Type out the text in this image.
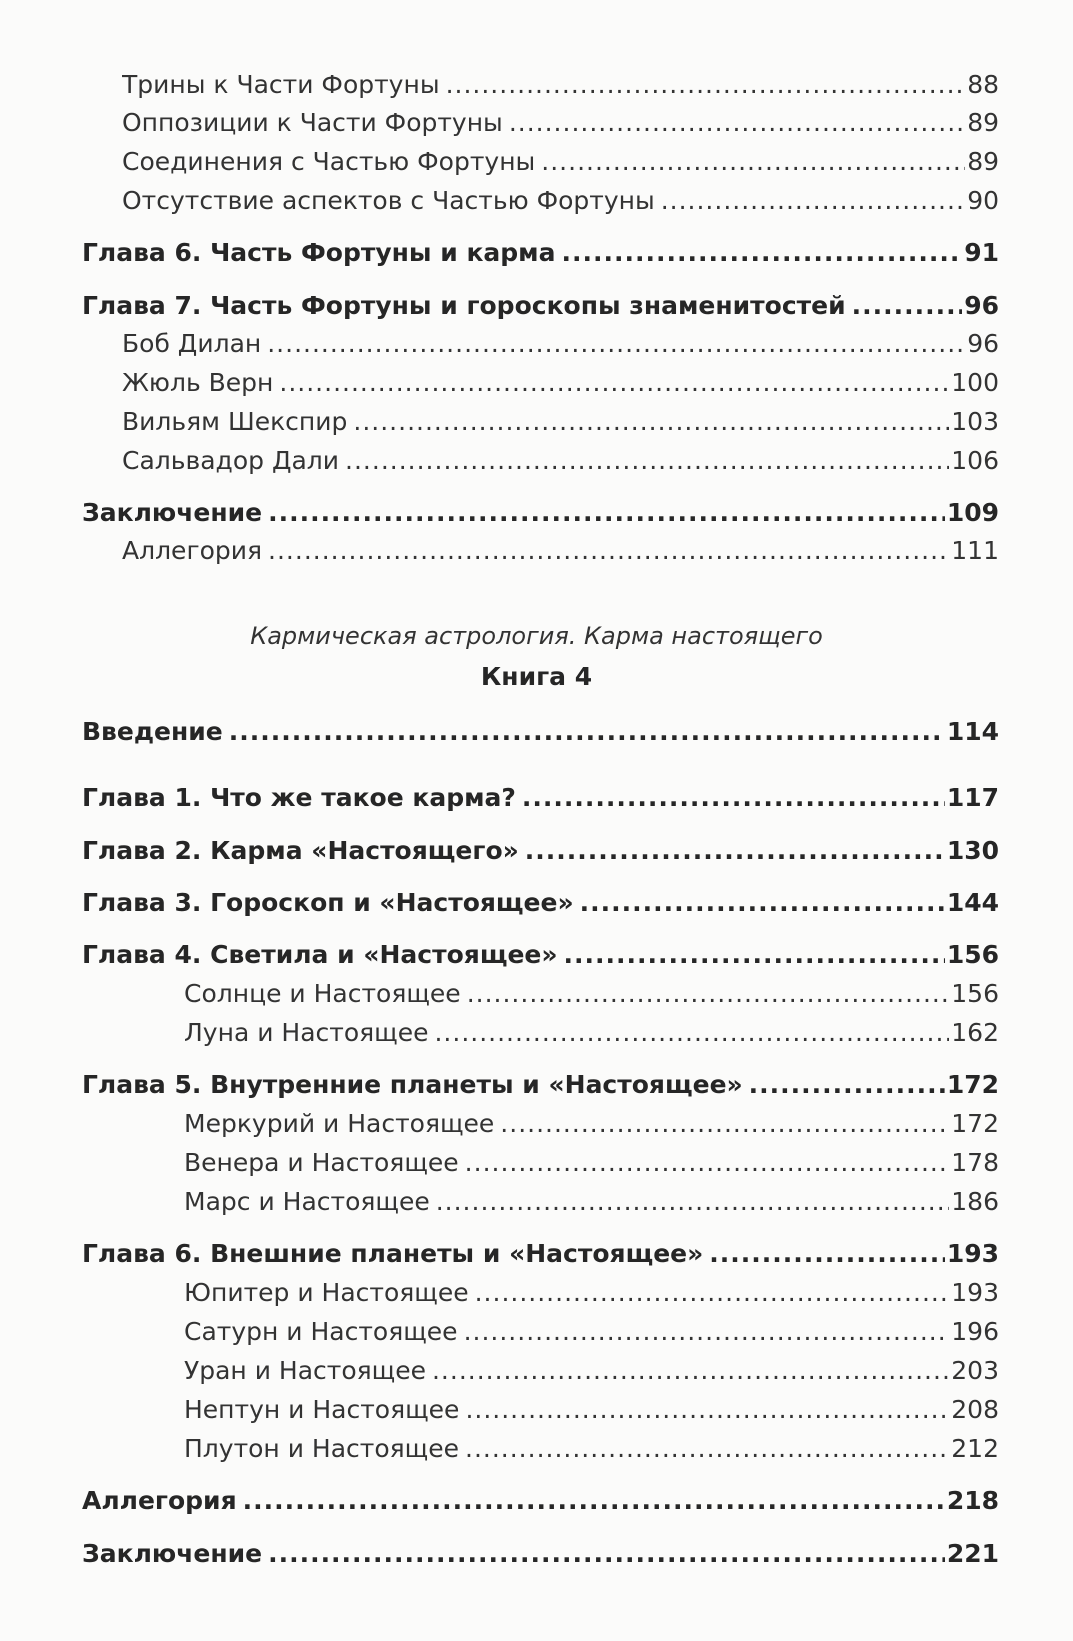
Трины к Части Фортуны .....	88
Оппозиции к Части Фортуны .....	89
Соединения с Частью Фортуны .....	89
Отсутствие аспектов с Частью Фортуны .....	90
Глава 6. Часть Фортуны и карма .....	91
Глава 7. Часть Фортуны и гороскопы знаменитостей .....	96
Боб Дилан .....	96
Жюль Верн .....	100
Вильям Шекспир .....	103
Сальвадор Дали .....	106
Заключение .....	109
Аллегория .....	111
Кармическая астрология. Карма настоящего
Книга 4
Введение .....	114
Глава 1. Что же такое карма? .....	117
Глава 2. Карма «Настоящего» .....	130
Глава 3. Гороскоп и «Настоящее» .....	144
Глава 4. Светила и «Настоящее» .....	156
Солнце и Настоящее .....	156
Луна и Настоящее .....	162
Глава 5. Внутренние планеты и «Настоящее» .....	172
Меркурий и Настоящее .....	172
Венера и Настоящее .....	178
Марс и Настоящее .....	186
Глава 6. Внешние планеты и «Настоящее» .....	193
Юпитер и Настоящее .....	193
Сатурн и Настоящее .....	196
Уран и Настоящее .....	203
Нептун и Настоящее .....	208
Плутон и Настоящее .....	212
Аллегория .....	218
Заключение .....	221
